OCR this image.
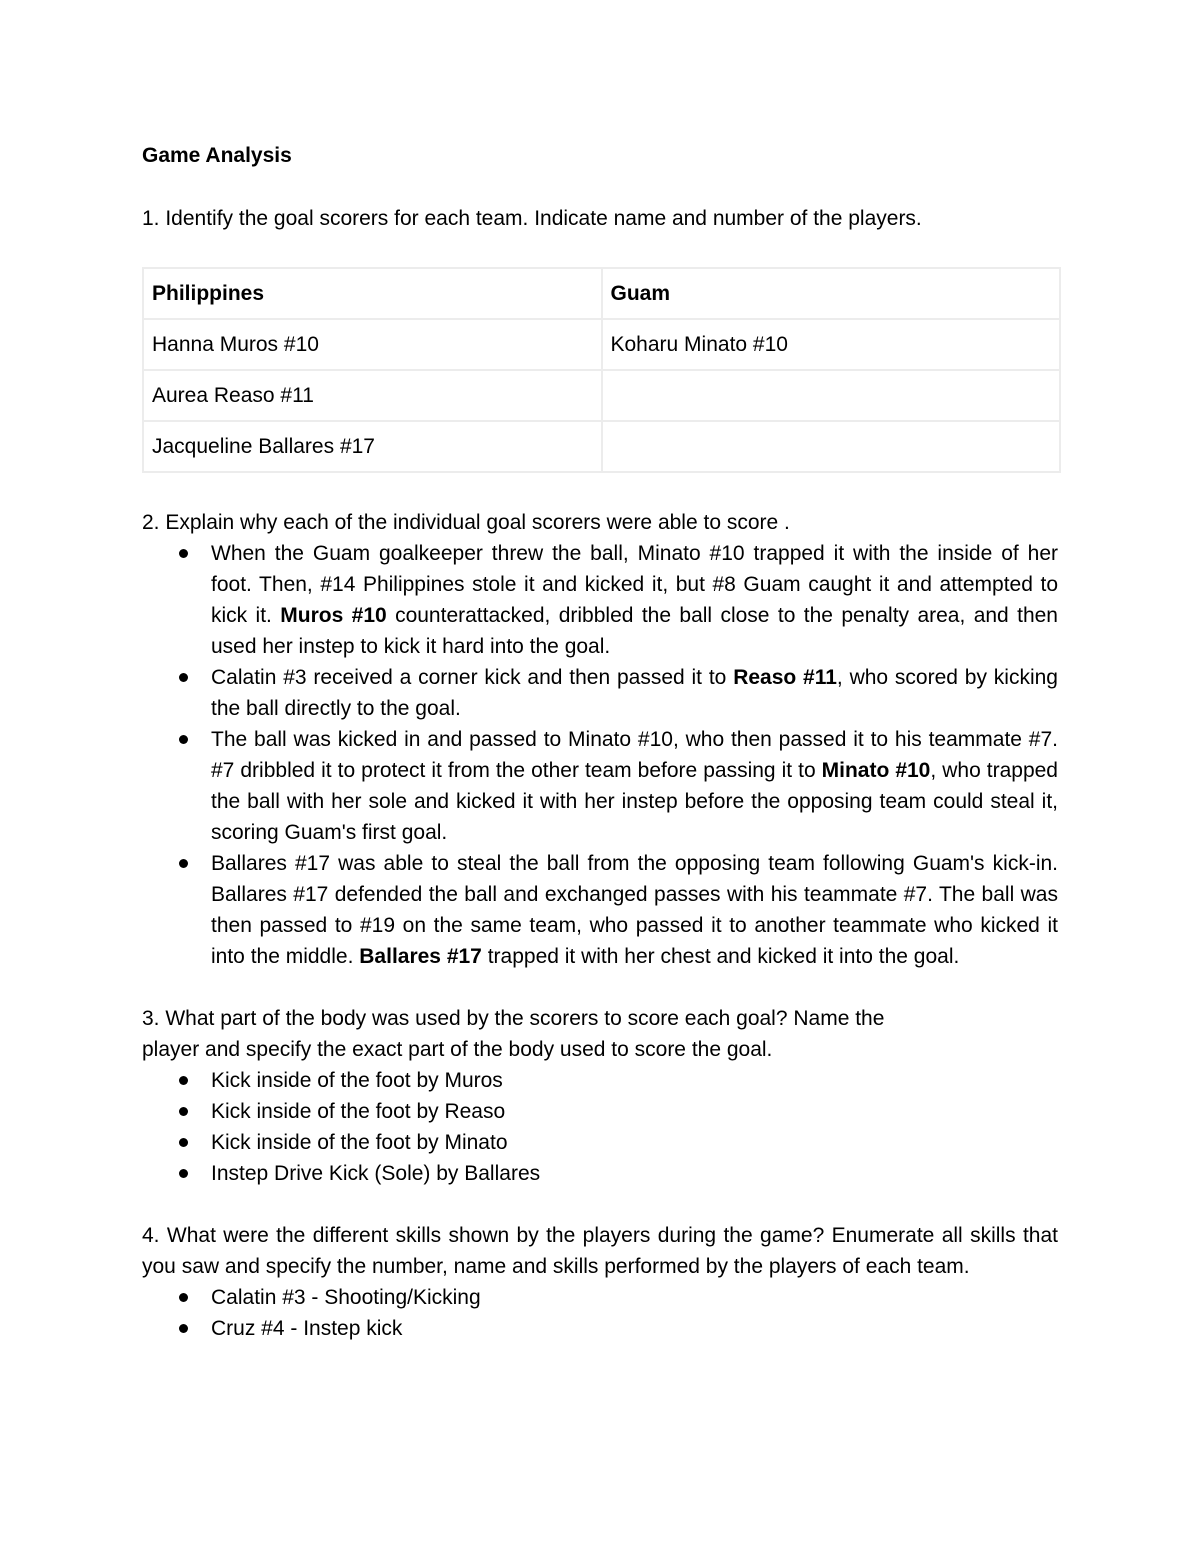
Game Analysis

1. Identify the goal scorers for each team. Indicate name and number of the players.

Philippines	Guam
Hanna Muros #10	Koharu Minato #10
Aurea Reaso #11	
Jacqueline Ballares #17	

2. Explain why each of the individual goal scorers were able to score .

When the Guam goalkeeper threw the ball, Minato #10 trapped it with the inside of her foot. Then, #14 Philippines stole it and kicked it, but #8 Guam caught it and attempted to kick it. Muros #10 counterattacked, dribbled the ball close to the penalty area, and then used her instep to kick it hard into the goal.
Calatin #3 received a corner kick and then passed it to Reaso #11, who scored by kicking the ball directly to the goal.
The ball was kicked in and passed to Minato #10, who then passed it to his teammate #7. #7 dribbled it to protect it from the other team before passing it to Minato #10, who trapped the ball with her sole and kicked it with her instep before the opposing team could steal it, scoring Guam's first goal.
Ballares #17 was able to steal the ball from the opposing team following Guam's kick-in. Ballares #17 defended the ball and exchanged passes with his teammate #7. The ball was then passed to #19 on the same team, who passed it to another teammate who kicked it into the middle. Ballares #17 trapped it with her chest and kicked it into the goal.

3. What part of the body was used by the scorers to score each goal? Name the
player and specify the exact part of the body used to score the goal.

Kick inside of the foot by Muros
Kick inside of the foot by Reaso
Kick inside of the foot by Minato
Instep Drive Kick (Sole) by Ballares

4. What were the different skills shown by the players during the game? Enumerate all skills that you saw and specify the number, name and skills performed by the players of each team.

Calatin #3 - Shooting/Kicking
Cruz #4 - Instep kick
